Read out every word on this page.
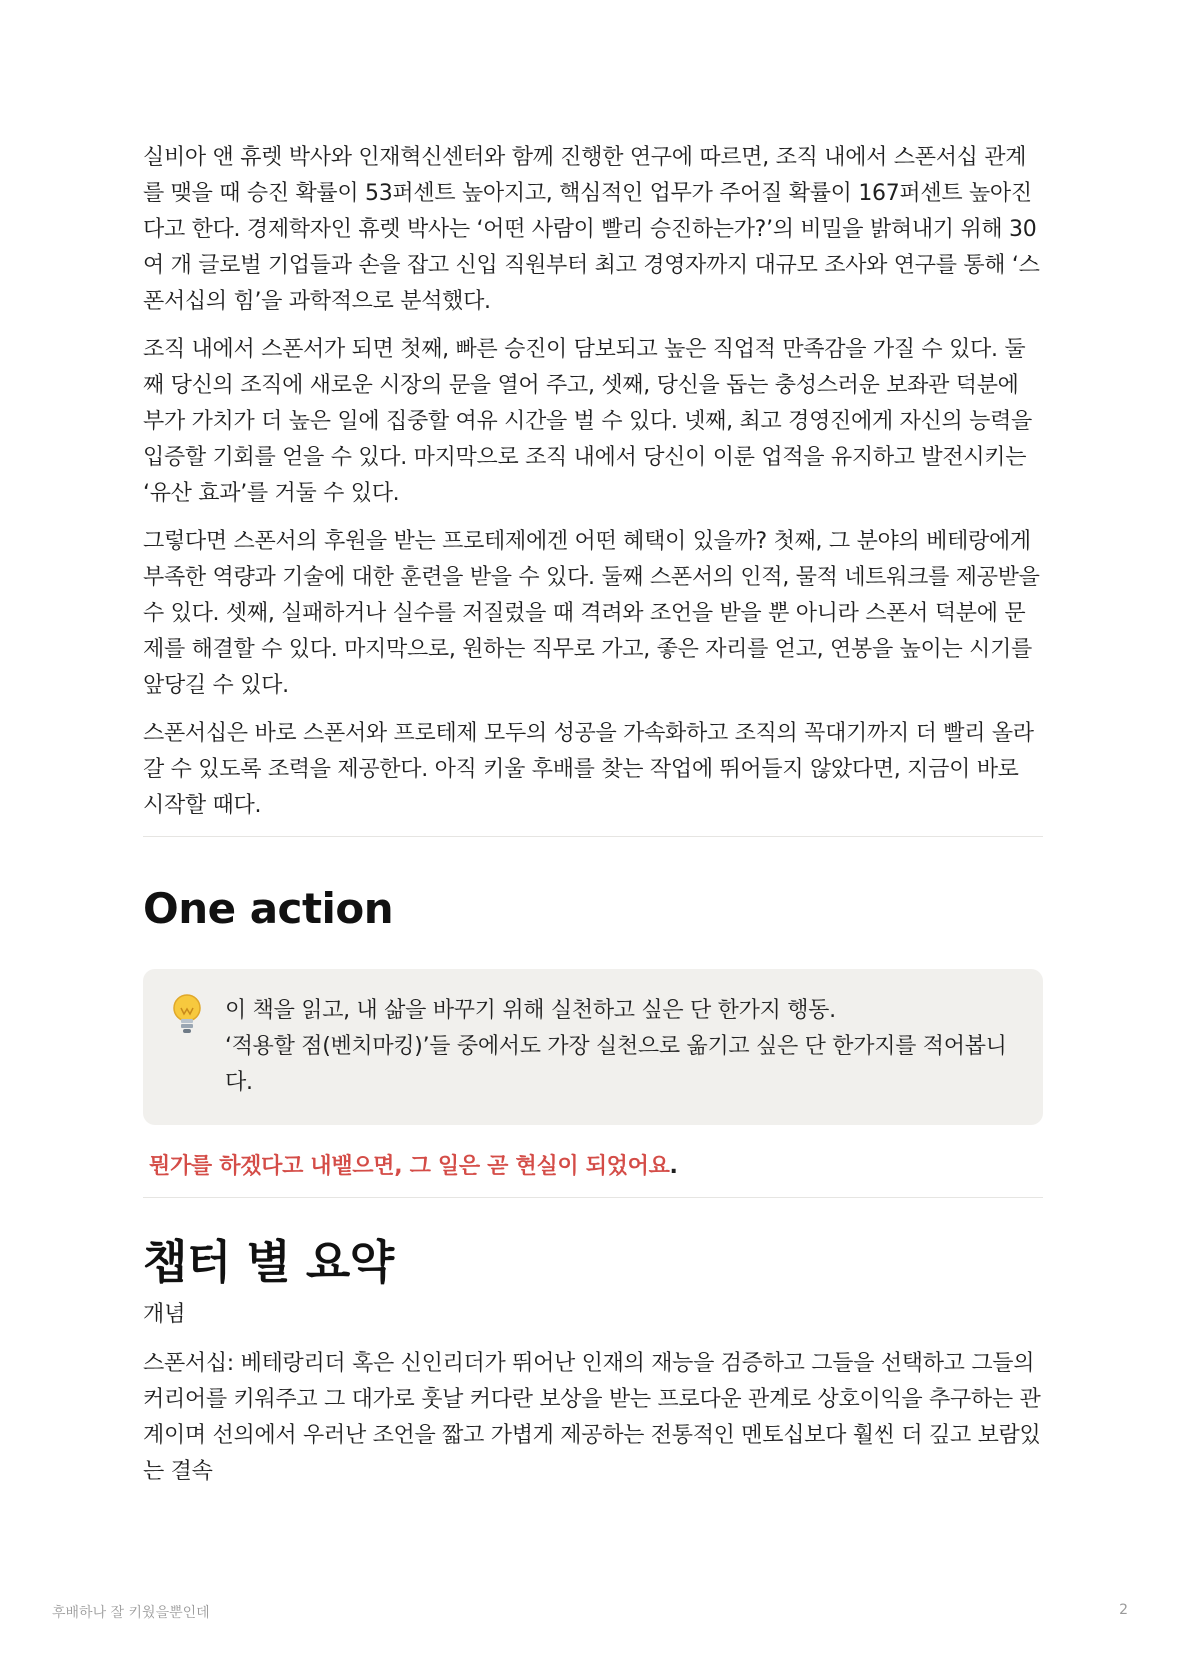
실비아 앤 휴렛 박사와 인재혁신센터와 함께 진행한 연구에 따르면, 조직 내에서 스폰서십 관계를 맺을 때 승진 확률이 53퍼센트 높아지고, 핵심적인 업무가 주어질 확률이 167퍼센트 높아진다고 한다. 경제학자인 휴렛 박사는 ‘어떤 사람이 빨리 승진하는가?’의 비밀을 밝혀내기 위해 30여 개 글로벌 기업들과 손을 잡고 신입 직원부터 최고 경영자까지 대규모 조사와 연구를 통해 ‘스폰서십의 힘’을 과학적으로 분석했다.

조직 내에서 스폰서가 되면 첫째, 빠른 승진이 담보되고 높은 직업적 만족감을 가질 수 있다. 둘째 당신의 조직에 새로운 시장의 문을 열어 주고, 셋째, 당신을 돕는 충성스러운 보좌관 덕분에 부가 가치가 더 높은 일에 집중할 여유 시간을 벌 수 있다. 넷째, 최고 경영진에게 자신의 능력을 입증할 기회를 얻을 수 있다. 마지막으로 조직 내에서 당신이 이룬 업적을 유지하고 발전시키는 ‘유산 효과’를 거둘 수 있다.

그렇다면 스폰서의 후원을 받는 프로테제에겐 어떤 혜택이 있을까? 첫째, 그 분야의 베테랑에게 부족한 역량과 기술에 대한 훈련을 받을 수 있다. 둘째 스폰서의 인적, 물적 네트워크를 제공받을 수 있다. 셋째, 실패하거나 실수를 저질렀을 때 격려와 조언을 받을 뿐 아니라 스폰서 덕분에 문제를 해결할 수 있다. 마지막으로, 원하는 직무로 가고, 좋은 자리를 얻고, 연봉을 높이는 시기를 앞당길 수 있다.

스폰서십은 바로 스폰서와 프로테제 모두의 성공을 가속화하고 조직의 꼭대기까지 더 빨리 올라갈 수 있도록 조력을 제공한다. 아직 키울 후배를 찾는 작업에 뛰어들지 않았다면, 지금이 바로 시작할 때다.

One action
이 책을 읽고, 내 삶을 바꾸기 위해 실천하고 싶은 단 한가지 행동.
‘적용할 점(벤치마킹)’들 중에서도 가장 실천으로 옮기고 싶은 단 한가지를 적어봅니다.

뭔가를 하겠다고 내뱉으면, 그 일은 곧 현실이 되었어요.

챕터 별 요약
개념

스폰서십: 베테랑리더 혹은 신인리더가 뛰어난 인재의 재능을 검증하고 그들을 선택하고 그들의 커리어를 키워주고 그 대가로 훗날 커다란 보상을 받는 프로다운 관계로 상호이익을 추구하는 관계이며 선의에서 우러난 조언을 짧고 가볍게 제공하는 전통적인 멘토십보다 훨씬 더 깊고 보람있는 결속

후배하나 잘 키웠을뿐인데	2
